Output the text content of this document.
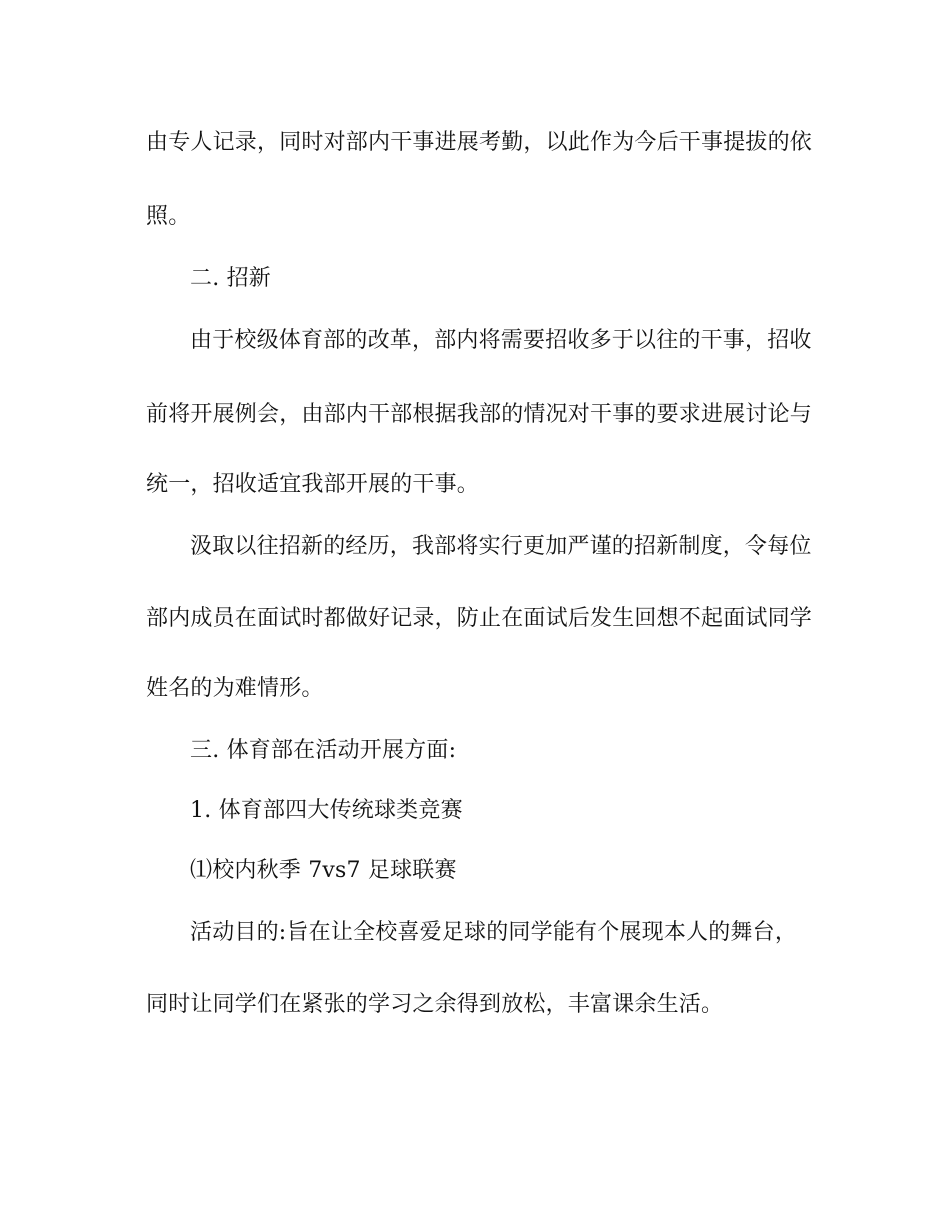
由专人记录，同时对部内干事进展考勤，以此作为今后干事提拔的依
照。
二. 招新
由于校级体育部的改革，部内将需要招收多于以往的干事，招收
前将开展例会，由部内干部根据我部的情况对干事的要求进展讨论与
统一，招收适宜我部开展的干事。
汲取以往招新的经历，我部将实行更加严谨的招新制度，令每位
部内成员在面试时都做好记录，防止在面试后发生回想不起面试同学
姓名的为难情形。
三. 体育部在活动开展方面:
1. 体育部四大传统球类竞赛
⑴校内秋季 7vs7 足球联赛
活动目的:旨在让全校喜爱足球的同学能有个展现本人的舞台，
同时让同学们在紧张的学习之余得到放松，丰富课余生活。
